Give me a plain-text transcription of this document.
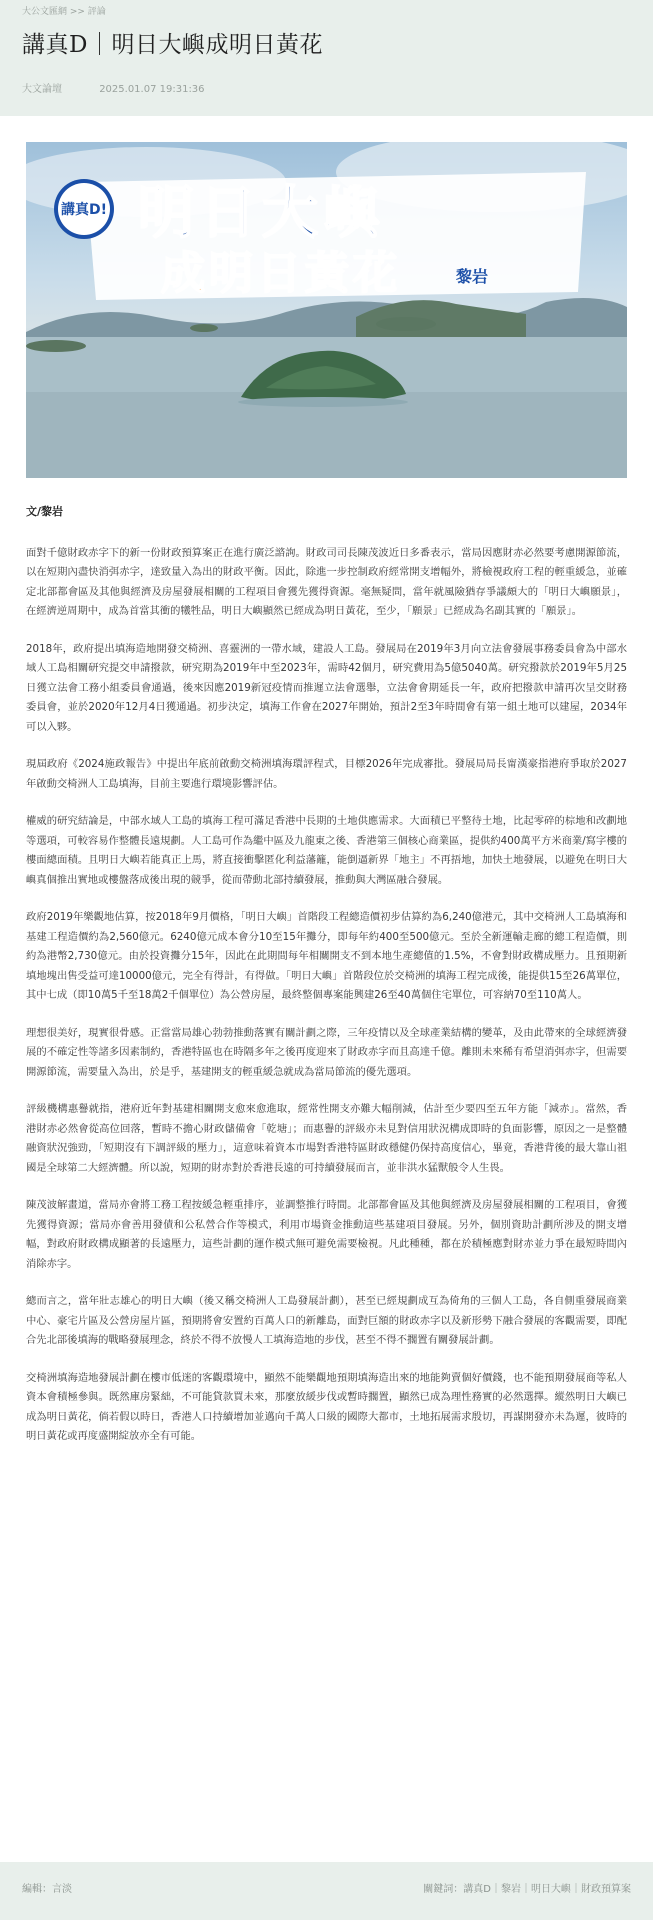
大公文匯網 >> 評論
講真D｜明日大嶼成明日黃花
大文論壇	2025.01.07 19:31:36
講真D! 明日大嶼
成明日黃花	黎岩
文/黎岩

面對千億財政赤字下的新一份財政預算案正在進行廣泛諮詢。財政司司長陳茂波近日多番表示，當局因應財赤必然要考慮開源節流，以在短期內盡快消弭赤字，達致量入為出的財政平衡。因此，除進一步控制政府經常開支增幅外，將檢視政府工程的輕重緩急，並確定北部都會區及其他與經濟及房屋發展相關的工程項目會獲先獲得資源。毫無疑問，當年就風險猶存爭議頗大的「明日大嶼願景」，在經濟逆周期中，成為首當其衝的犧牲品，明日大嶼顯然已經成為明日黃花，至少，「願景」已經成為名副其實的「願景」。

2018年，政府提出填海造地開發交椅洲、喜靈洲的一帶水域，建設人工島。發展局在2019年3月向立法會發展事務委員會為中部水域人工島相關研究提交申請撥款，研究期為2019年中至2023年，需時42個月，研究費用為5億5040萬。研究撥款於2019年5月25日獲立法會工務小組委員會通過，後來因應2019新冠疫情而推遲立法會選舉，立法會會期延長一年，政府把撥款申請再次呈交財務委員會，並於2020年12月4日獲通過。初步決定，填海工作會在2027年開始，預計2至3年時間會有第一組土地可以建屋，2034年可以入夥。

現屆政府《2024施政報告》中提出年底前啟動交椅洲填海環評程式，目標2026年完成審批。發展局局長甯漢豪指港府爭取於2027年啟動交椅洲人工島填海，目前主要進行環境影響評估。

權威的研究結論是，中部水域人工島的填海工程可滿足香港中長期的土地供應需求。大面積已平整待土地，比起零碎的棕地和改劃地等選項，可較容易作整體長遠規劃。人工島可作為繼中區及九龍東之後、香港第三個核心商業區，提供約400萬平方米商業/寫字樓的樓面總面積。且明日大嶼若能真正上馬，將直接衝擊匿化利益藩籬，能倒逼新界「地主」不再捂地，加快土地發展，以避免在明日大嶼真個推出實地或樓盤落成後出現的競爭，從而帶動北部持續發展，推動與大灣區融合發展。

政府2019年樂觀地估算，按2018年9月價格，「明日大嶼」首階段工程總造價初步估算約為6,240億港元，其中交椅洲人工島填海和基建工程造價約為2,560億元。6240億元成本會分10至15年攤分，即每年約400至500億元。至於全新運輸走廊的總工程造價，則約為港幣2,730億元。由於投資攤分15年，因此在此期間每年相關開支不到本地生產總值的1.5%，不會對財政構成壓力。且預期新填地塊出售受益可達10000億元，完全有得計，有得做。「明日大嶼」首階段位於交椅洲的填海工程完成後，能提供15至26萬單位，其中七成（即10萬5千至18萬2千個單位）為公營房屋，最終整個專案能興建26至40萬個住宅單位，可容納70至110萬人。

理想很美好，現實很骨感。正當當局雄心勃勃推動落實有關計劃之際，三年疫情以及全球產業結構的變革，及由此帶來的全球經濟發展的不確定性等諸多因素制約，香港特區也在時隔多年之後再度迎來了財政赤字而且高達千億。離則未來稀有希望消弭赤字，但需要開源節流，需要量入為出，於是乎，基建開支的輕重緩急就成為當局節流的優先選項。

評級機構惠譽就指，港府近年對基建相關開支愈來愈進取，經常性開支亦難大幅削減，估計至少要四至五年方能「減赤」。當然，香港財赤必然會從高位回落，暫時不擔心財政儲備會「乾塘」；而惠譽的評級亦未見對信用狀況構成即時的負面影響，原因之一是整體融資狀況強勁，「短期沒有下調評級的壓力」，這意味着資本市場對香港特區財政穩健仍保持高度信心，畢竟，香港背後的最大靠山祖國是全球第二大經濟體。所以說，短期的財赤對於香港長遠的可持續發展而言，並非洪水猛獸般令人生畏。

陳茂波解畫道，當局亦會將工務工程按緩急輕重排序，並調整推行時間。北部都會區及其他與經濟及房屋發展相關的工程項目，會獲先獲得資源；當局亦會善用發債和公私營合作等模式，利用市場資金推動這些基建項目發展。另外，個別資助計劃所涉及的開支增幅，對政府財政構成顯著的長遠壓力，這些計劃的運作模式無可避免需要檢視。凡此種種，都在於積極應對財赤並力爭在最短時間內消除赤字。

總而言之，當年壯志雄心的明日大嶼（後又稱交椅洲人工島發展計劃），甚至已經規劃成互為倚角的三個人工島，各自側重發展商業中心、豪宅片區及公營房屋片區，預期將會安置約百萬人口的新離島，面對巨額的財政赤字以及新形勢下融合發展的客觀需要，即配合先北部後填海的戰略發展理念，終於不得不放慢人工填海造地的步伐，甚至不得不擱置有關發展計劃。

交椅洲填海造地發展計劃在樓市低迷的客觀環境中，顯然不能樂觀地預期填海造出來的地能夠賣個好價錢，也不能預期發展商等私人資本會積極參與。既然庫房緊絀，不可能貸款買未來，那麼放緩步伐或暫時擱置，顯然已成為理性務實的必然選擇。縱然明日大嶼已成為明日黃花，倘若假以時日，香港人口持續增加並邁向千萬人口級的國際大都市，土地拓展需求殷切，再謀開發亦未為遲，彼時的明日黃花或再度盛開綻放亦全有可能。

編輯：言淡	關鍵詞：講真D｜黎岩｜明日大嶼｜財政預算案
